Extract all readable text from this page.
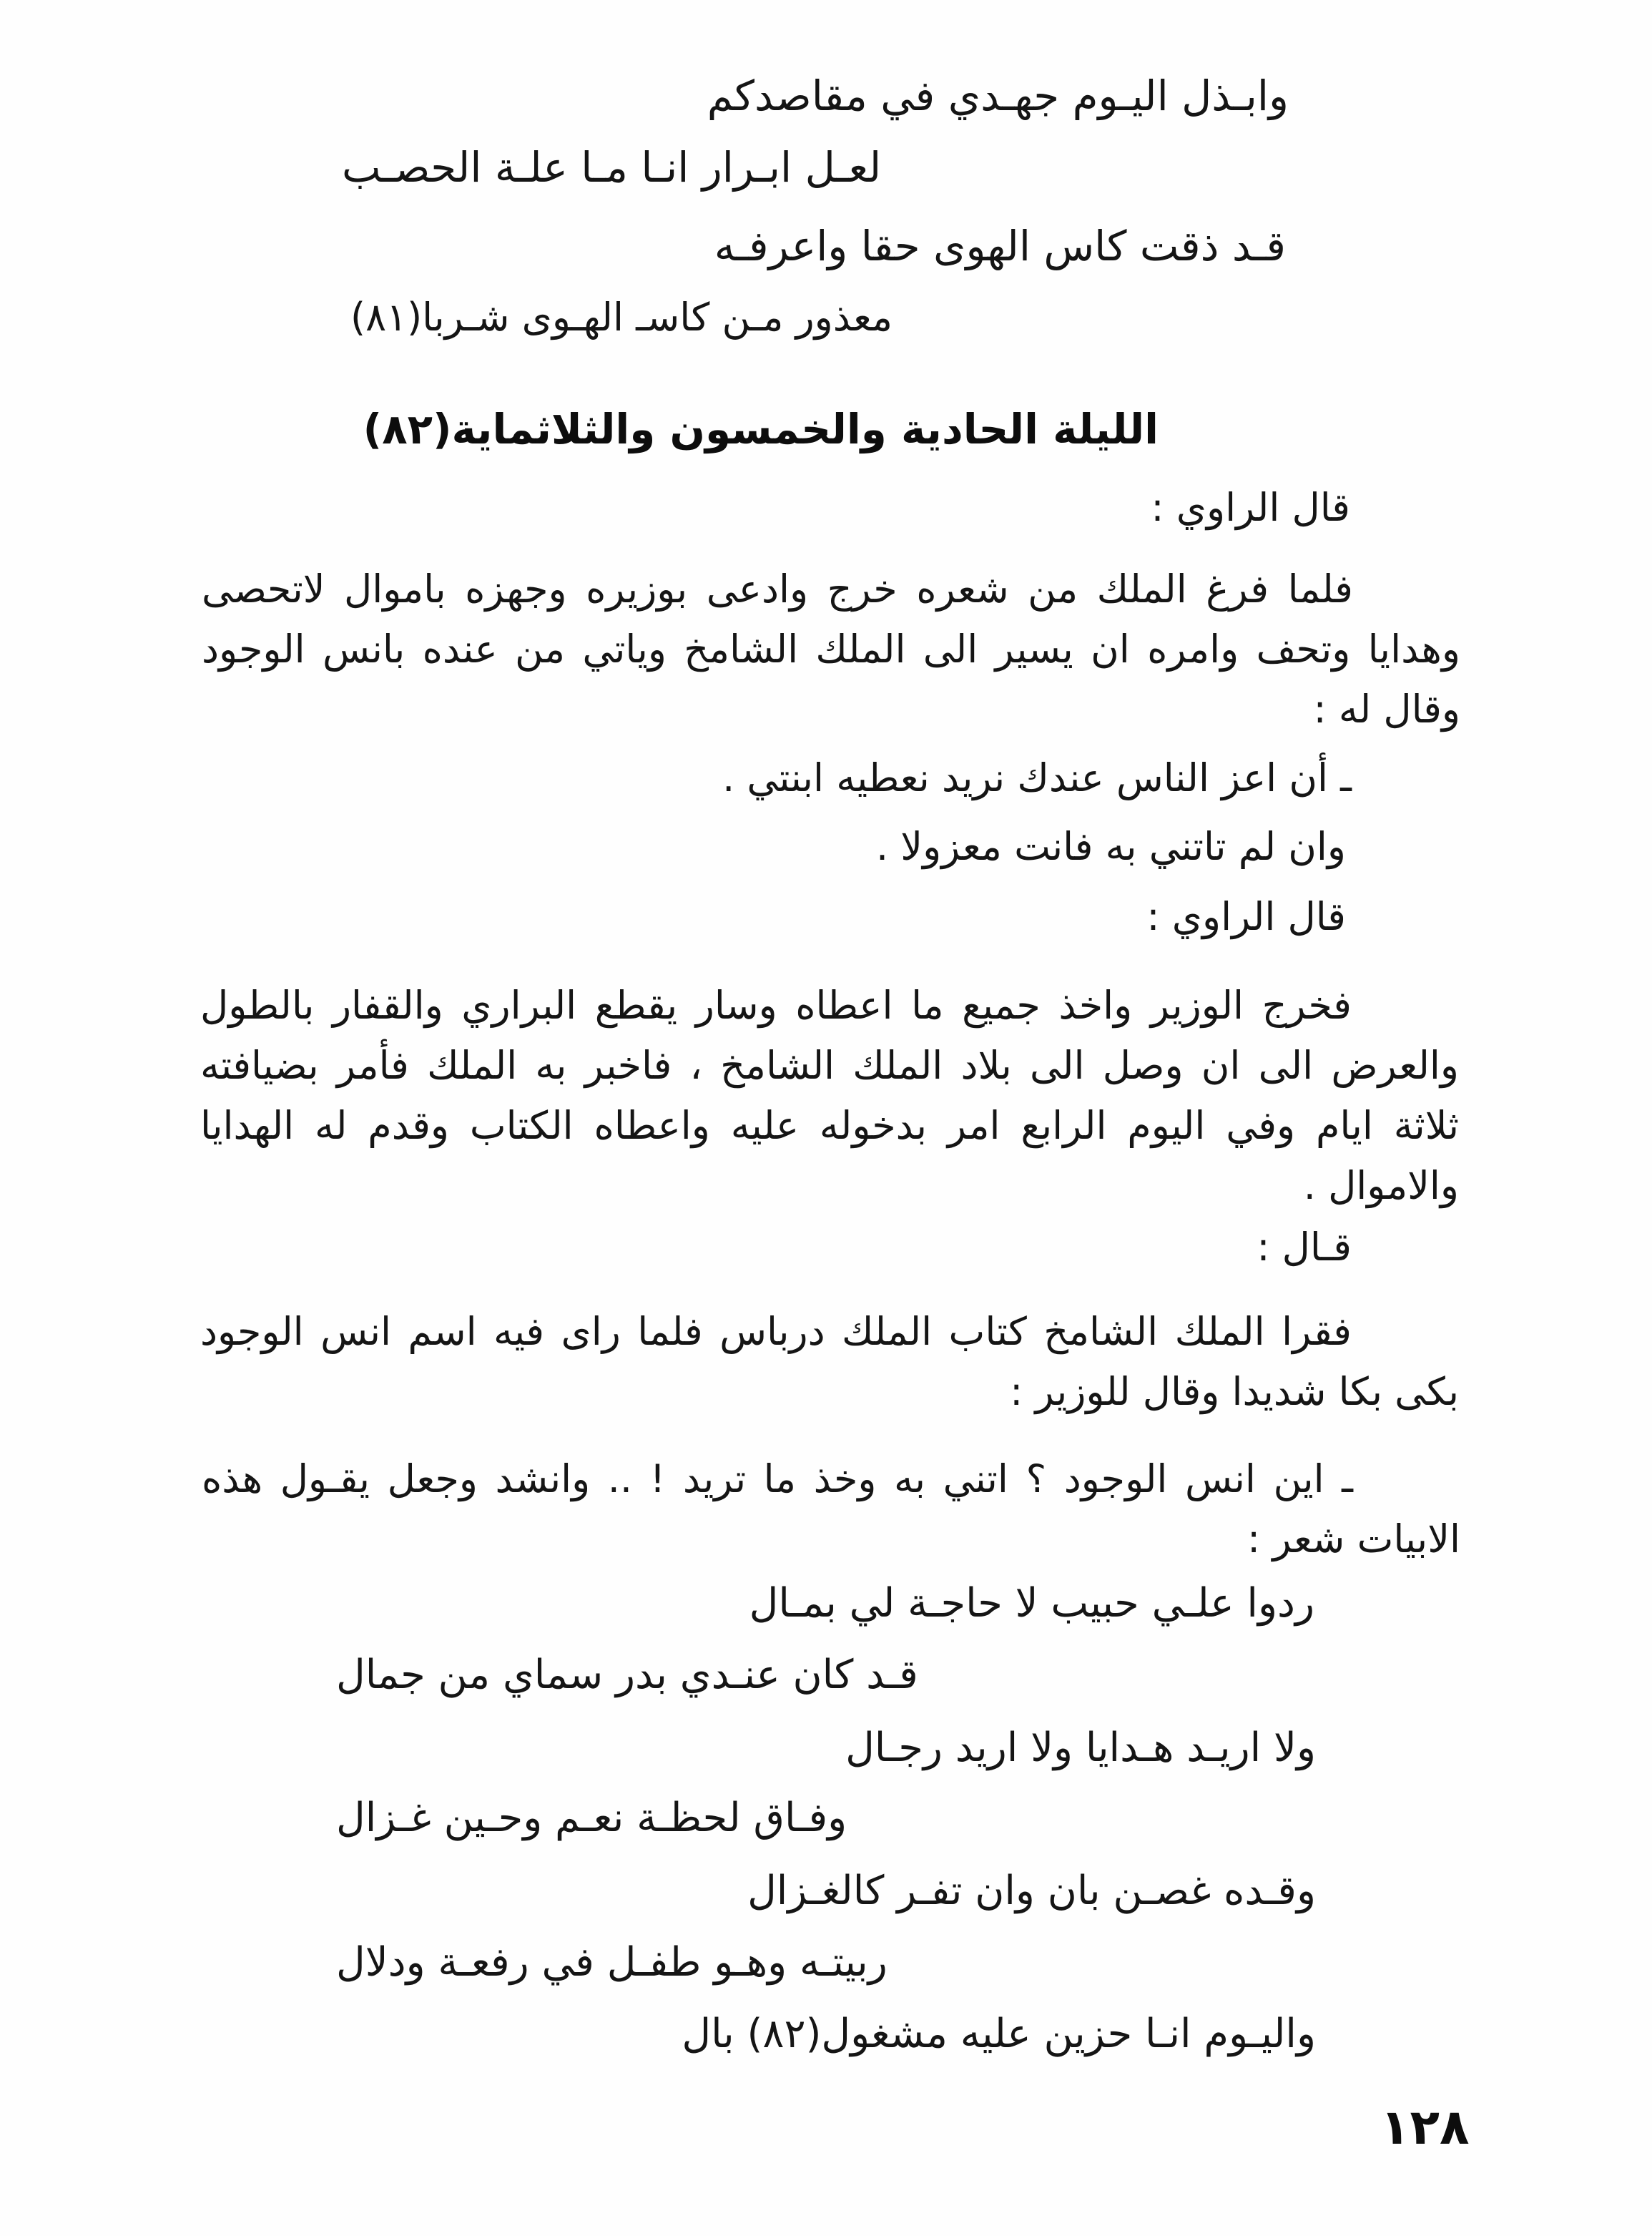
وابـذل اليـوم جهـدي في مقاصدكم
لعـل ابـرار انـا مـا علـة الحصـب
قـد ذقت كاس الهوى حقا واعرفـه
معذور مـن كاسـ الهـوى شـربا(٨١)
الليلة الحادية والخمسون والثلاثماية(٨٢)
قال الراوي :
فلما فرغ الملك من شعره خرج وادعى بوزيره وجهزه باموال لاتحصى وهدايا وتحف وامره ان يسير الى الملك الشامخ وياتي من عنده بانس الوجود وقال له :
ـ أن اعز الناس عندك نريد نعطيه ابنتي .
وان لم تاتني به فانت معزولا .
قال الراوي :
فخرج الوزير واخذ جميع ما اعطاه وسار يقطع البراري والقفار بالطول والعرض الى ان وصل الى بلاد الملك الشامخ ، فاخبر به الملك فأمر بضيافته ثلاثة ايام وفي اليوم الرابع امر بدخوله عليه واعطاه الكتاب وقدم له الهدايا والاموال .
قـال :
فقرا الملك الشامخ كتاب الملك درباس فلما راى فيه اسم انس الوجود بكى بكا شديدا وقال للوزير :
ـ اين انس الوجود ؟ اتني به وخذ ما تريد ! .. وانشد وجعل يقـول هذه الابيات شعر :
ردوا علـي حبيب لا حاجـة لي بمـال
قـد كان عنـدي بدر سماي من جمال
ولا اريـد هـدايا ولا اريد رجـال
وفـاق لحظـة نعـم وحـين غـزال
وقـده غصـن بان وان تفـر كالغـزال
ربيتـه وهـو طفـل في رفعـة ودلال
واليـوم انـا حزين عليه مشغول(٨٢) بال
١٢٨
